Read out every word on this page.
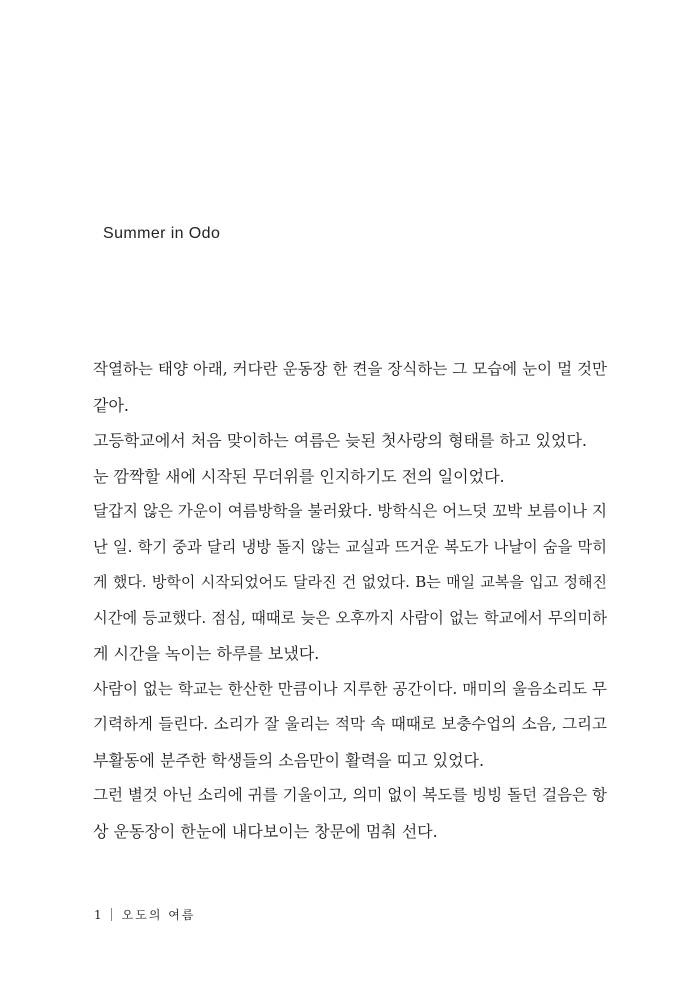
Summer in Odo
작열하는 태양 아래, 커다란 운동장 한 켠을 장식하는 그 모습에 눈이 멀 것만
같아.
고등학교에서 처음 맞이하는 여름은 늦된 첫사랑의 형태를 하고 있었다.
눈 깜짝할 새에 시작된 무더위를 인지하기도 전의 일이었다.
달갑지 않은 가운이 여름방학을 불러왔다. 방학식은 어느덧 꼬박 보름이나 지
난 일. 학기 중과 달리 냉방 돌지 않는 교실과 뜨거운 복도가 나날이 숨을 막히
게 했다. 방학이 시작되었어도 달라진 건 없었다. B는 매일 교복을 입고 정해진
시간에 등교했다. 점심, 때때로 늦은 오후까지 사람이 없는 학교에서 무의미하
게 시간을 녹이는 하루를 보냈다.
사람이 없는 학교는 한산한 만큼이나 지루한 공간이다. 매미의 울음소리도 무
기력하게 들린다. 소리가 잘 울리는 적막 속 때때로 보충수업의 소음, 그리고
부활동에 분주한 학생들의 소음만이 활력을 띠고 있었다.
그런 별것 아닌 소리에 귀를 기울이고, 의미 없이 복도를 빙빙 돌던 걸음은 항
상 운동장이 한눈에 내다보이는 창문에 멈춰 선다.
1 오도의 여름
